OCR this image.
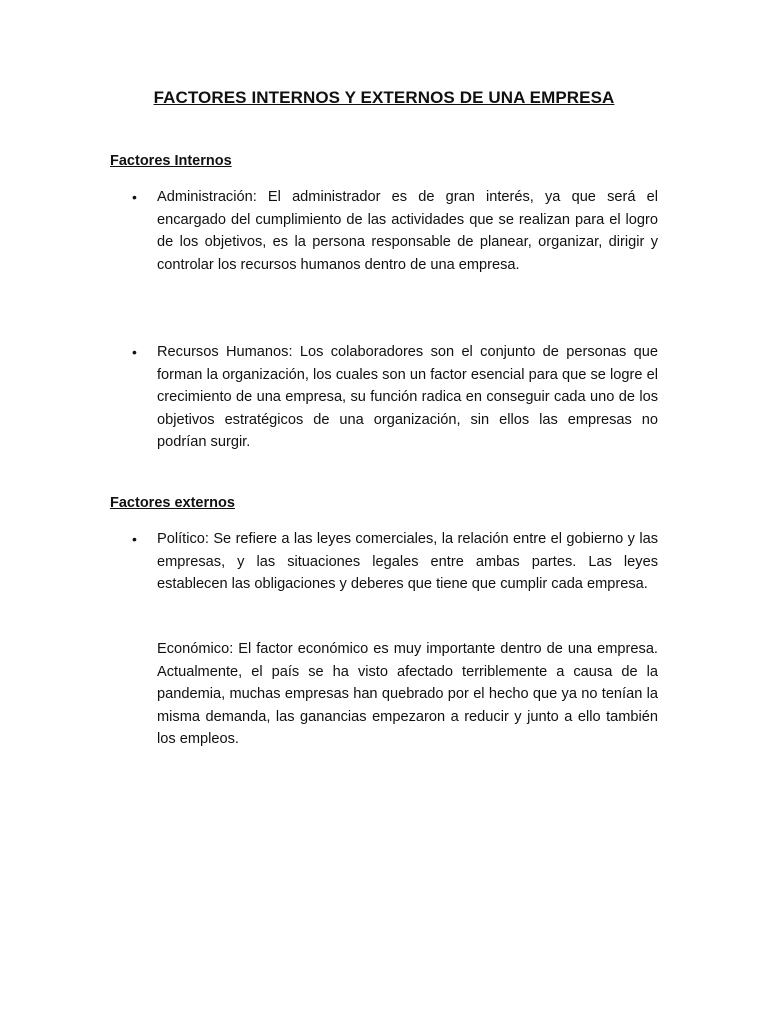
FACTORES INTERNOS Y EXTERNOS DE UNA EMPRESA
Factores Internos
•	Administración: El administrador es de gran interés, ya que será el encargado del cumplimiento de las actividades que se realizan para el logro de los objetivos, es la persona responsable de planear, organizar, dirigir y controlar los recursos humanos dentro de una empresa.

•	Recursos Humanos: Los colaboradores son el conjunto de personas que forman la organización, los cuales son un factor esencial para que se logre el crecimiento de una empresa, su función radica en conseguir cada uno de los objetivos estratégicos de una organización, sin ellos las empresas no podrían surgir.

Factores externos
•	Político: Se refiere a las leyes comerciales, la relación entre el gobierno y las empresas, y las situaciones legales entre ambas partes. Las leyes establecen las obligaciones y deberes que tiene que cumplir cada empresa.

Económico: El factor económico es muy importante dentro de una empresa. Actualmente, el país se ha visto afectado terriblemente a causa de la pandemia, muchas empresas han quebrado por el hecho que ya no tenían la misma demanda, las ganancias empezaron a reducir y junto a ello también los empleos.
